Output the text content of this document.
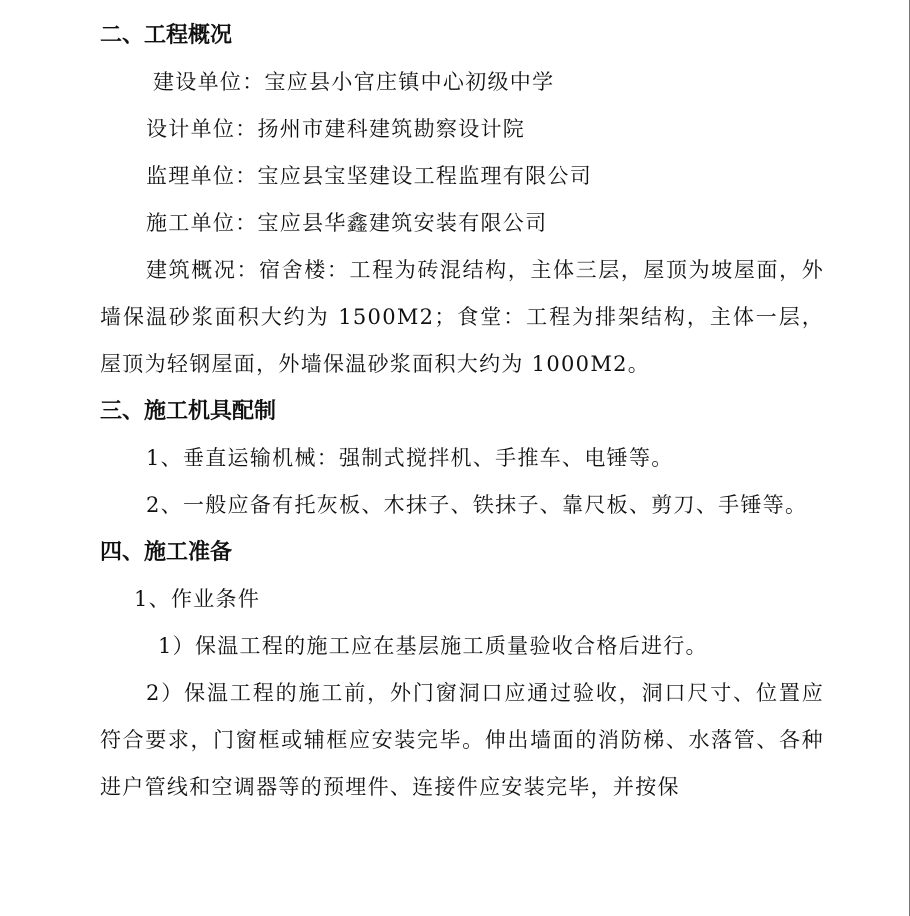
二、工程概况
建设单位：宝应县小官庄镇中心初级中学
设计单位：扬州市建科建筑勘察设计院
监理单位：宝应县宝坚建设工程监理有限公司
施工单位：宝应县华鑫建筑安装有限公司
建筑概况：宿舍楼：工程为砖混结构，主体三层，屋顶为坡屋面，外墙保温砂浆面积大约为 1500M2；食堂：工程为排架结构，主体一层，屋顶为轻钢屋面，外墙保温砂浆面积大约为 1000M2。
三、施工机具配制
1、垂直运输机械：强制式搅拌机、手推车、电锤等。
2、一般应备有托灰板、木抹子、铁抹子、靠尺板、剪刀、手锤等。
四、施工准备
1、作业条件
1）保温工程的施工应在基层施工质量验收合格后进行。
2）保温工程的施工前，外门窗洞口应通过验收，洞口尺寸、位置应符合要求，门窗框或辅框应安装完毕。伸出墙面的消防梯、水落管、各种进户管线和空调器等的预埋件、连接件应安装完毕，并按保
